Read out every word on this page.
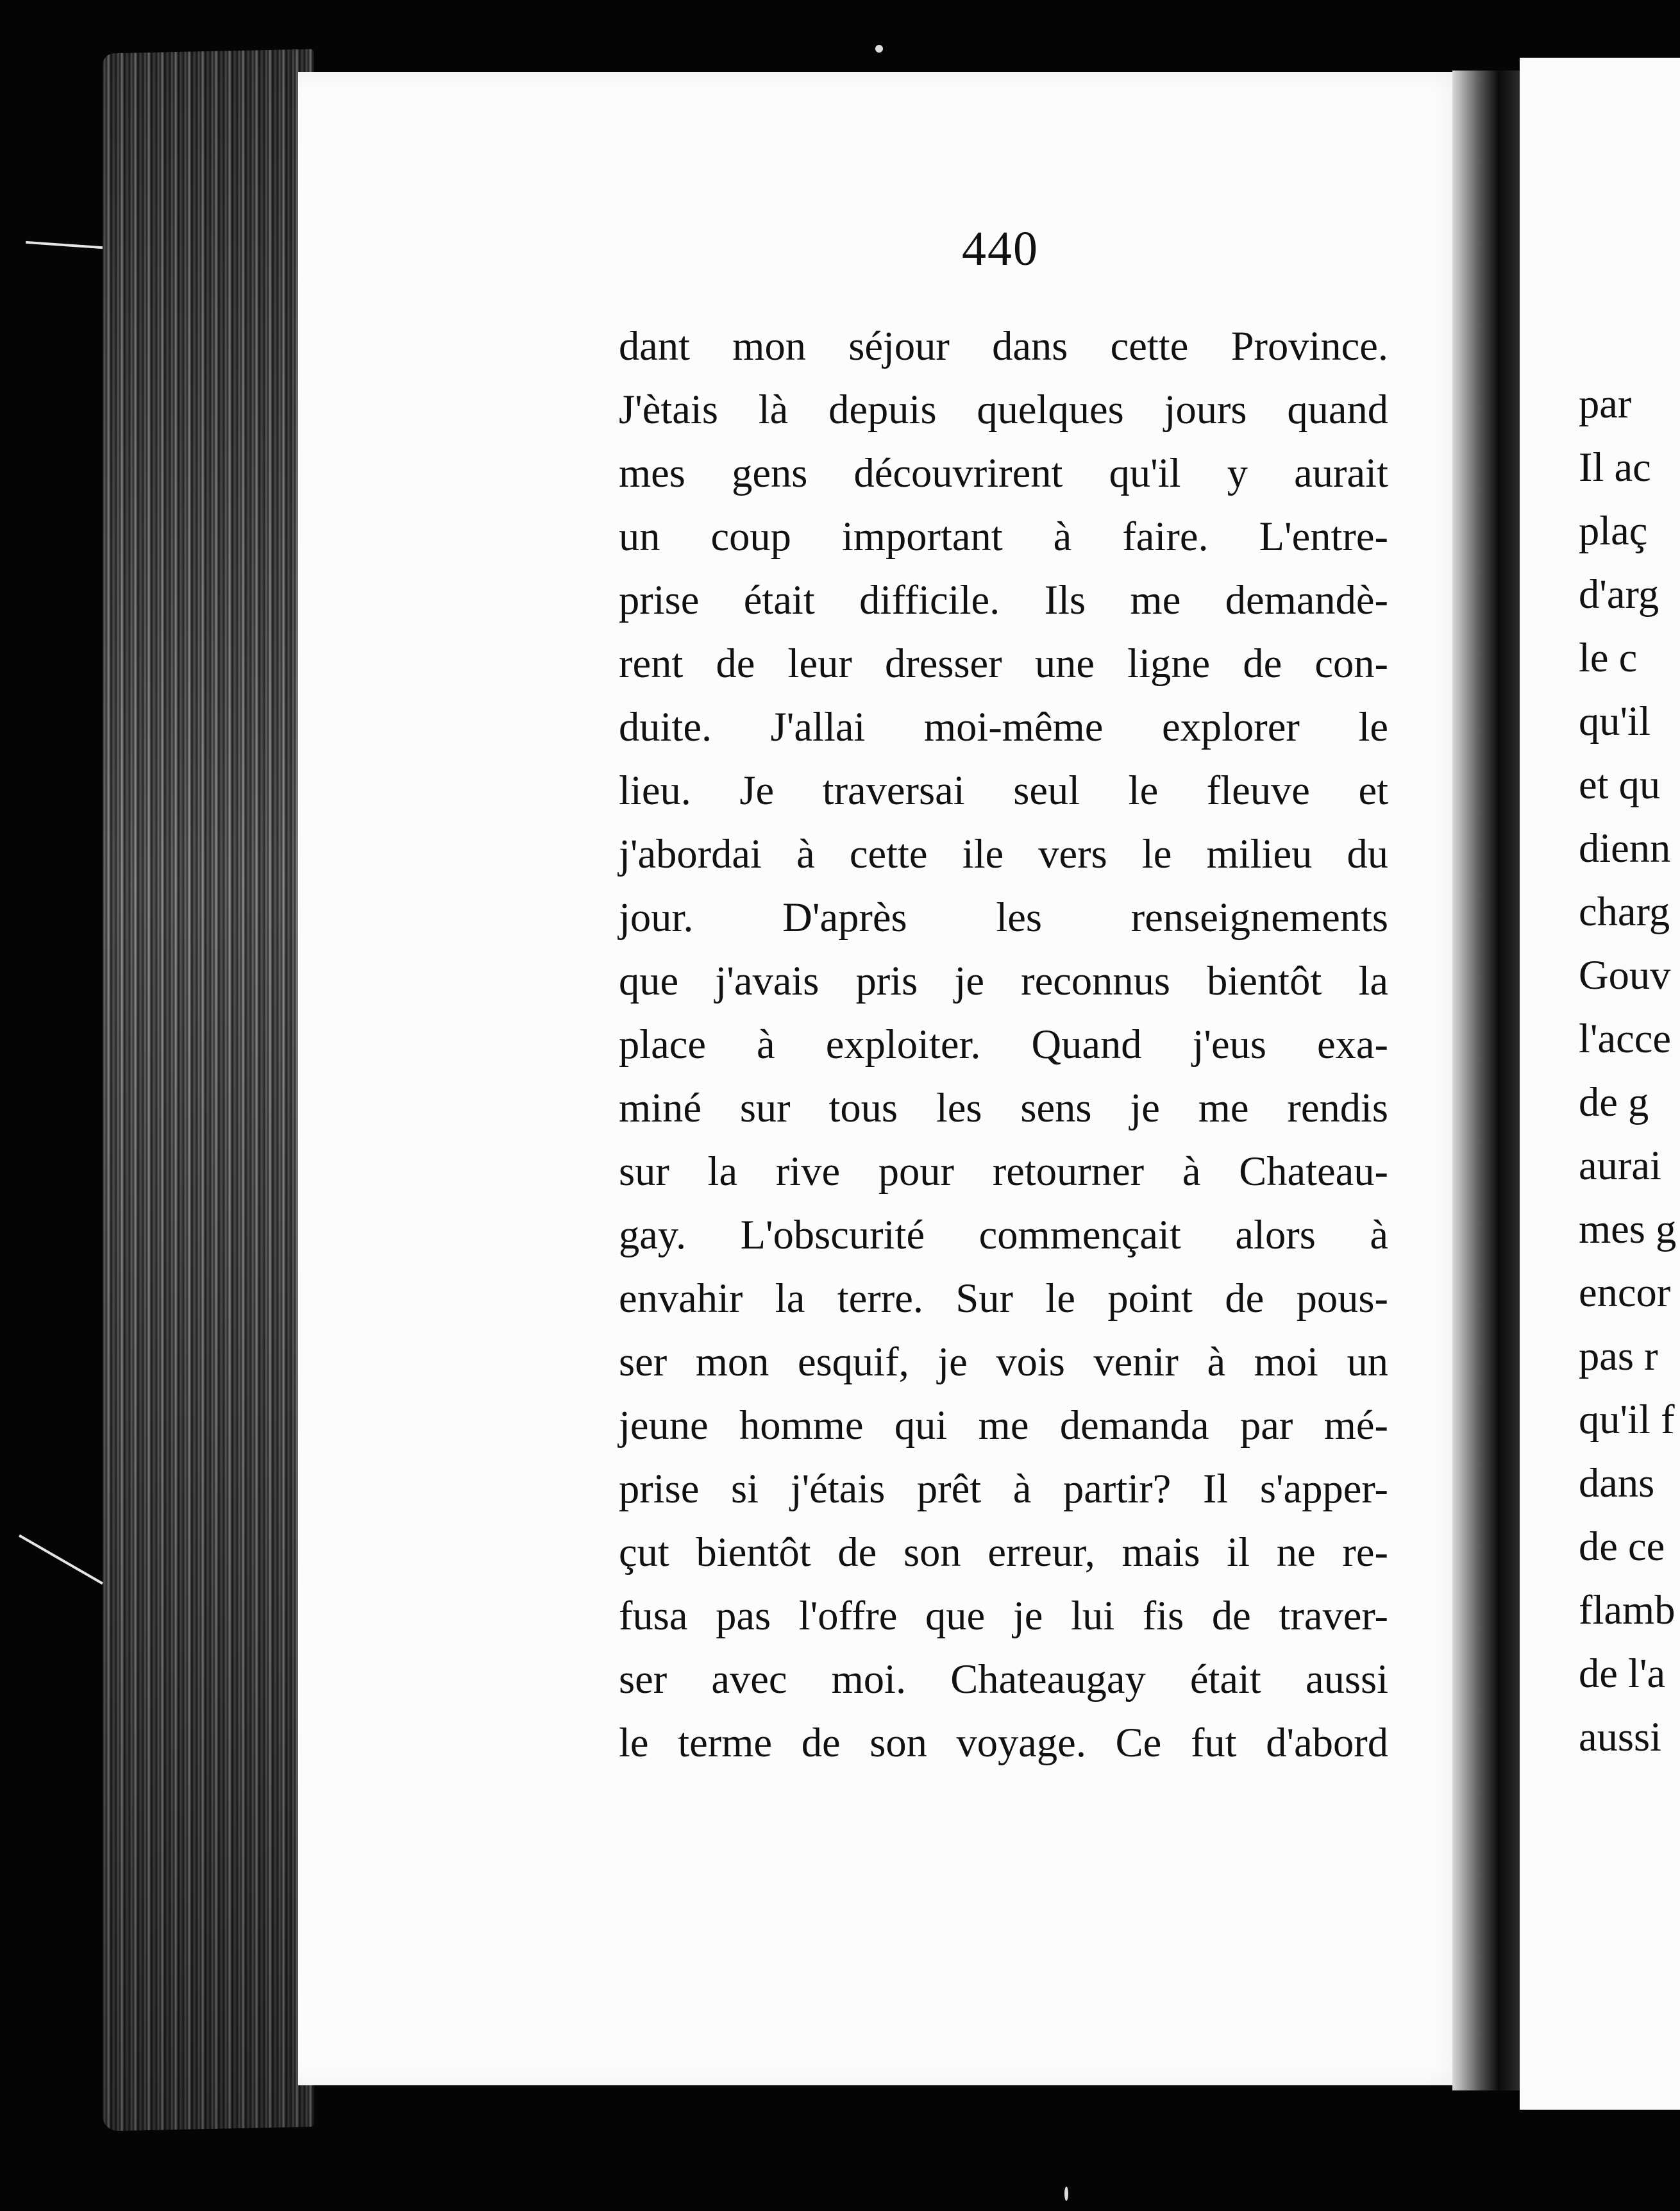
par
Il ac
plaç
d'arg
le c
qu'il
et qu
dienn
charg
Gouv
l'acce
de g
aurai
mes g
encor
pas r
qu'il f
dans
de ce
flamb
de l'a
aussi
440
dant mon séjour dans cette Province.
J'ètais là depuis quelques jours quand
mes gens découvrirent qu'il y aurait
un coup important à faire. L'entre-
prise était difficile. Ils me demandè-
rent de leur dresser une ligne de con-
duite. J'allai moi-même explorer le
lieu. Je traversai seul le fleuve et
j'abordai à cette ile vers le milieu du
jour. D'après les renseignements
que j'avais pris je reconnus bientôt la
place à exploiter. Quand j'eus exa-
miné sur tous les sens je me rendis
sur la rive pour retourner à Chateau-
gay. L'obscurité commençait alors à
envahir la terre. Sur le point de pous-
ser mon esquif, je vois venir à moi un
jeune homme qui me demanda par mé-
prise si j'étais prêt à partir? Il s'apper-
çut bientôt de son erreur, mais il ne re-
fusa pas l'offre que je lui fis de traver-
ser avec moi. Chateaugay était aussi
le terme de son voyage. Ce fut d'abord
